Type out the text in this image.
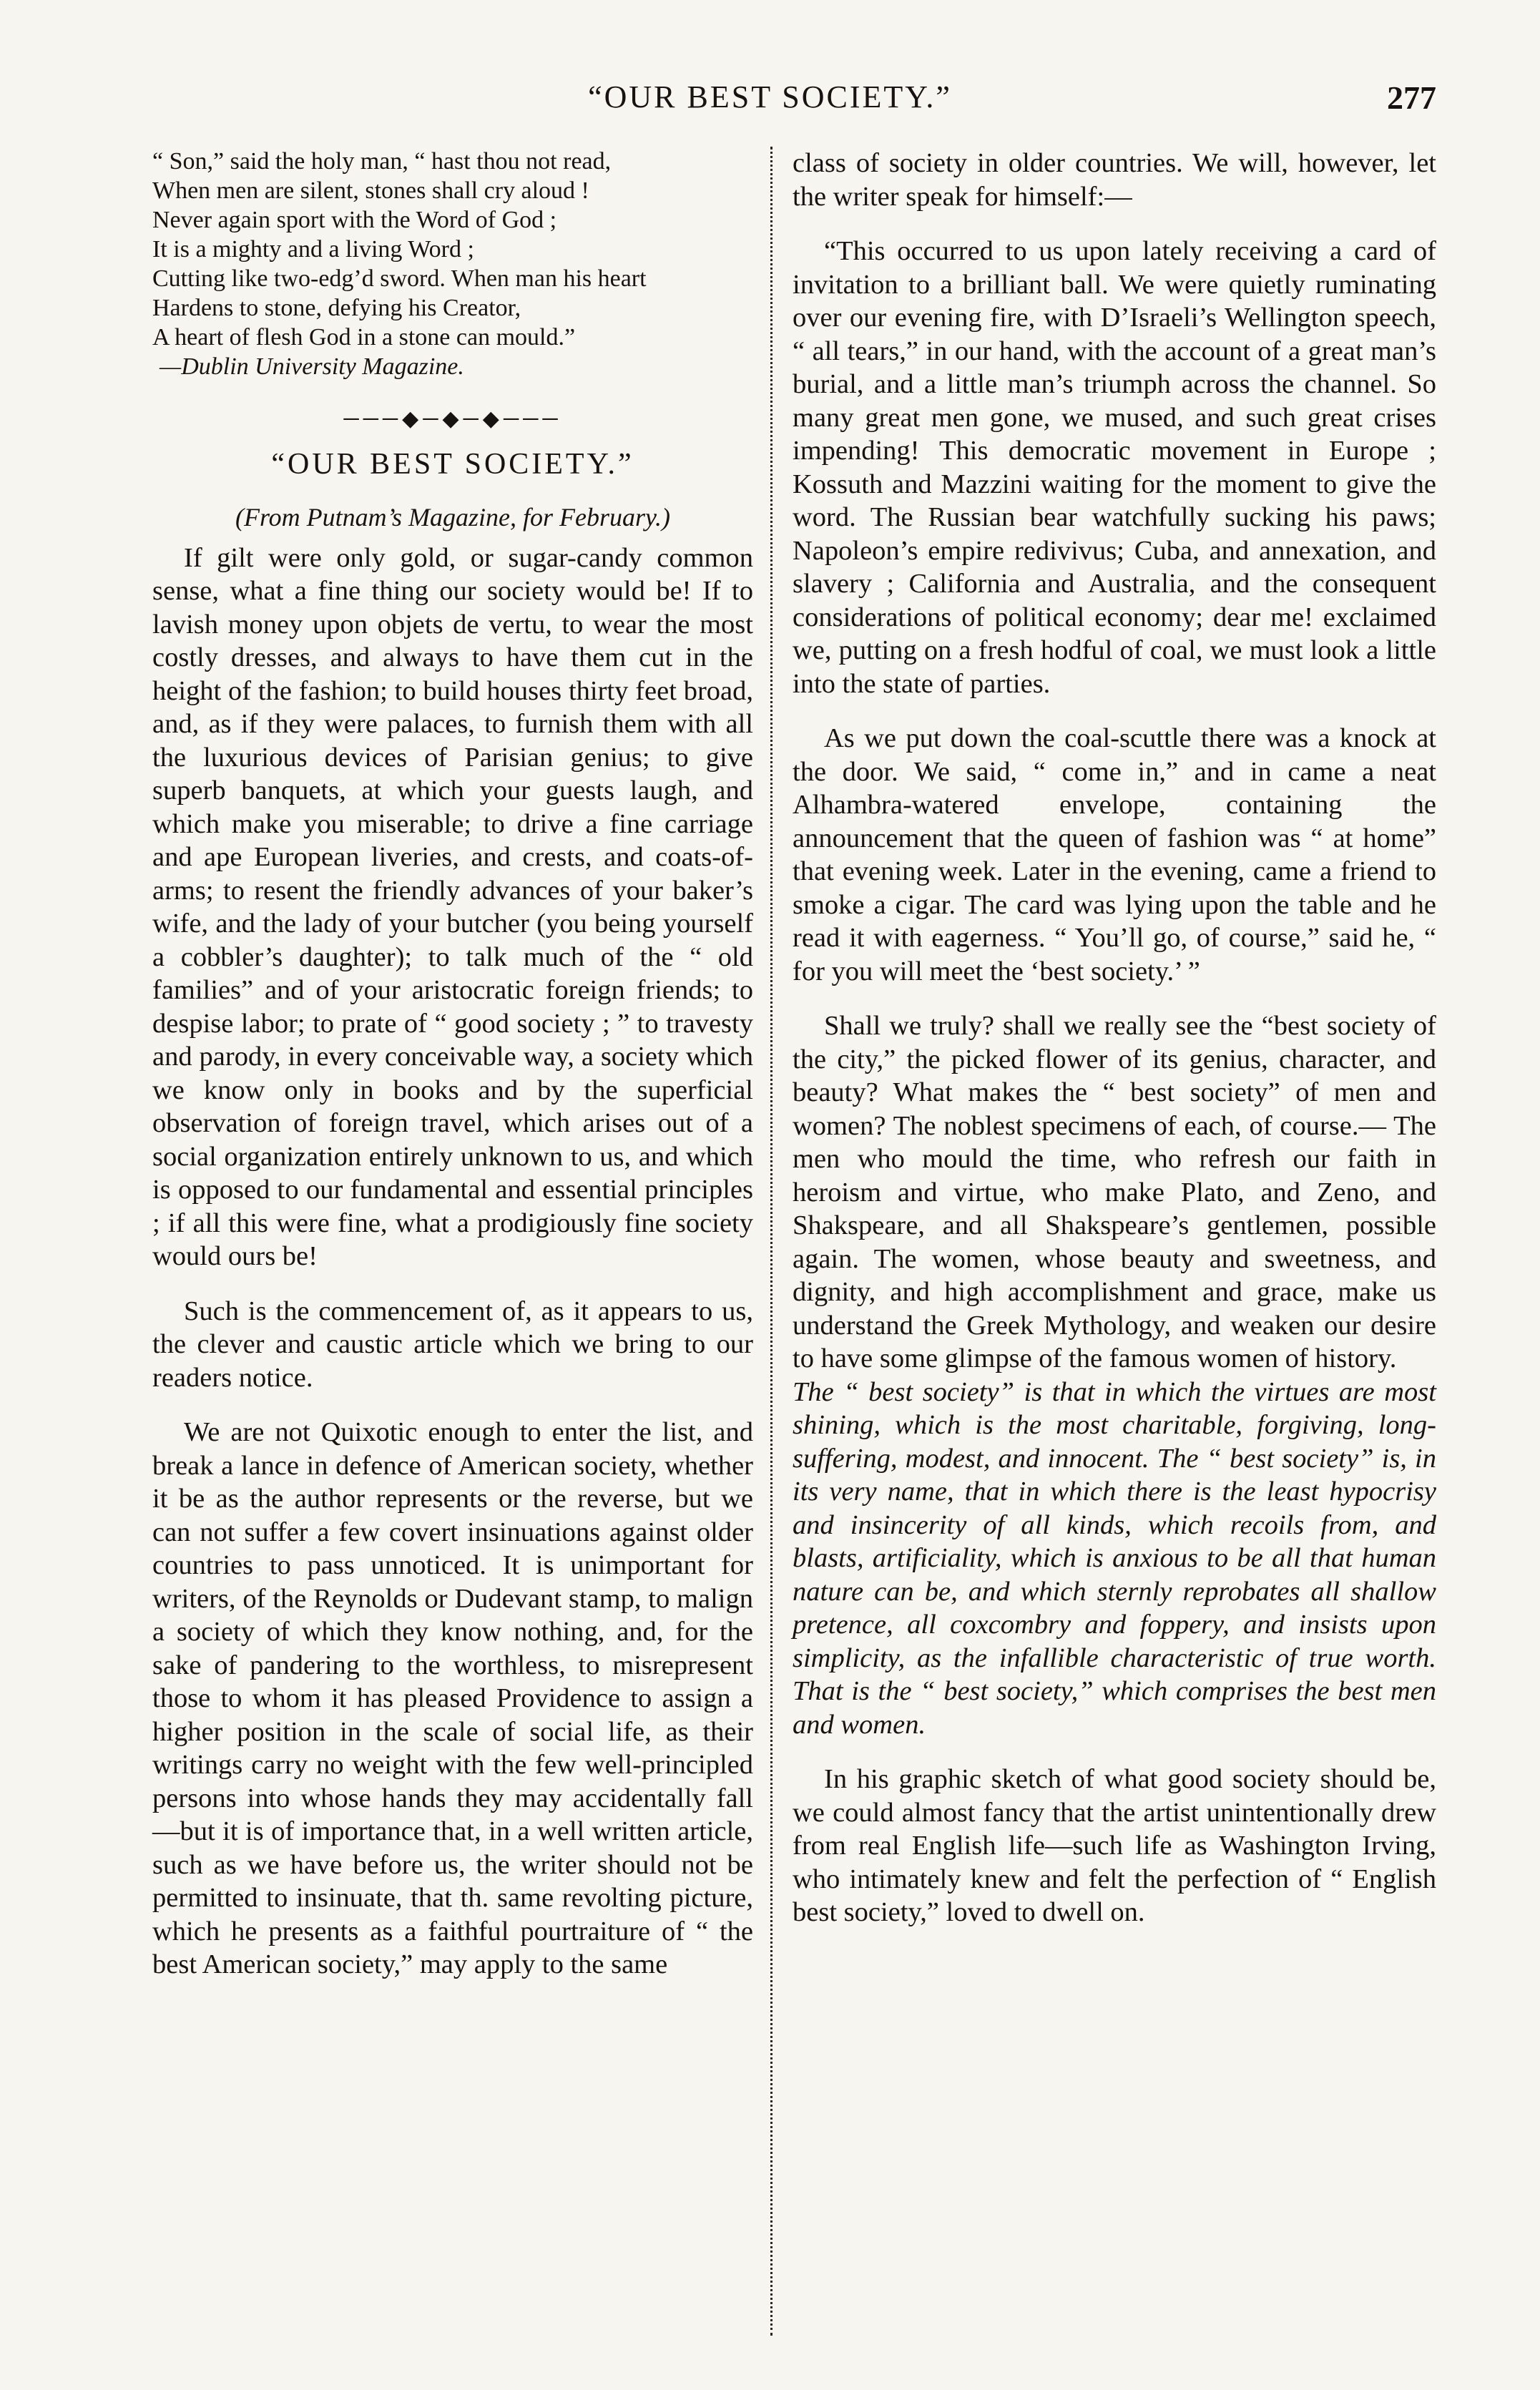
“OUR BEST SOCIETY.”	277
“ Son,” said the holy man, “ hast thou not read,
When men are silent, stones shall cry aloud !
Never again sport with the Word of God ;
It is a mighty and a living Word ;
Cutting like two-edg’d sword. When man his heart
Hardens to stone, defying his Creator,
A heart of flesh God in a stone can mould.”
—Dublin University Magazine.
───◆─◆─◆───
“OUR BEST SOCIETY.”
(From Putnam’s Magazine, for February.)

If gilt were only gold, or sugar-candy common sense, what a fine thing our society would be! If to lavish money upon objets de vertu, to wear the most costly dresses, and always to have them cut in the height of the fashion; to build houses thirty feet broad, and, as if they were palaces, to furnish them with all the luxurious devices of Parisian genius; to give superb banquets, at which your guests laugh, and which make you miserable; to drive a fine carriage and ape European liveries, and crests, and coats-of-arms; to resent the friendly advances of your baker’s wife, and the lady of your butcher (you being yourself a cobbler’s daughter); to talk much of the “ old families” and of your aristocratic foreign friends; to despise labor; to prate of “ good society ; ” to travesty and parody, in every conceivable way, a society which we know only in books and by the superficial observation of foreign travel, which arises out of a social organization entirely unknown to us, and which is opposed to our fundamental and essential principles ; if all this were fine, what a prodigiously fine society would ours be!

Such is the commencement of, as it appears to us, the clever and caustic article which we bring to our readers notice.

We are not Quixotic enough to enter the list, and break a lance in defence of American society, whether it be as the author represents or the reverse, but we can not suffer a few covert insinuations against older countries to pass unnoticed. It is unimportant for writers, of the Reynolds or Dudevant stamp, to malign a society of which they know nothing, and, for the sake of pandering to the worthless, to misrepresent those to whom it has pleased Providence to assign a higher position in the scale of social life, as their writings carry no weight with the few well-principled persons into whose hands they may accidentally fall—but it is of importance that, in a well written article, such as we have before us, the writer should not be permitted to insinuate, that th. same revolting picture, which he presents as a faithful pourtraiture of “ the best American society,” may apply to the same

class of society in older countries. We will, however, let the writer speak for himself:—

“This occurred to us upon lately receiving a card of invitation to a brilliant ball. We were quietly ruminating over our evening fire, with D’Israeli’s Wellington speech, “ all tears,” in our hand, with the account of a great man’s burial, and a little man’s triumph across the channel. So many great men gone, we mused, and such great crises impending! This democratic movement in Europe ; Kossuth and Mazzini waiting for the moment to give the word. The Russian bear watchfully sucking his paws; Napoleon’s empire redivivus; Cuba, and annexation, and slavery ; California and Australia, and the consequent considerations of political economy; dear me! exclaimed we, putting on a fresh hodful of coal, we must look a little into the state of parties.

As we put down the coal-scuttle there was a knock at the door. We said, “ come in,” and in came a neat Alhambra-watered envelope, containing the announcement that the queen of fashion was “ at home” that evening week. Later in the evening, came a friend to smoke a cigar. The card was lying upon the table and he read it with eagerness. “ You’ll go, of course,” said he, “ for you will meet the ‘best society.’ ”

Shall we truly? shall we really see the “best society of the city,” the picked flower of its genius, character, and beauty? What makes the “ best society” of men and women? The noblest specimens of each, of course.— The men who mould the time, who refresh our faith in heroism and virtue, who make Plato, and Zeno, and Shakspeare, and all Shakspeare’s gentlemen, possible again. The women, whose beauty and sweetness, and dignity, and high accomplishment and grace, make us understand the Greek Mythology, and weaken our desire to have some glimpse of the famous women of history.

The “ best society” is that in which the virtues are most shining, which is the most charitable, forgiving, long-suffering, modest, and innocent. The “ best society” is, in its very name, that in which there is the least hypocrisy and insincerity of all kinds, which recoils from, and blasts, artificiality, which is anxious to be all that human nature can be, and which sternly reprobates all shallow pretence, all coxcombry and foppery, and insists upon simplicity, as the infallible characteristic of true worth. That is the “ best society,” which comprises the best men and women.

In his graphic sketch of what good society should be, we could almost fancy that the artist unintentionally drew from real English life—such life as Washington Irving, who intimately knew and felt the perfection of “ English best society,” loved to dwell on.
